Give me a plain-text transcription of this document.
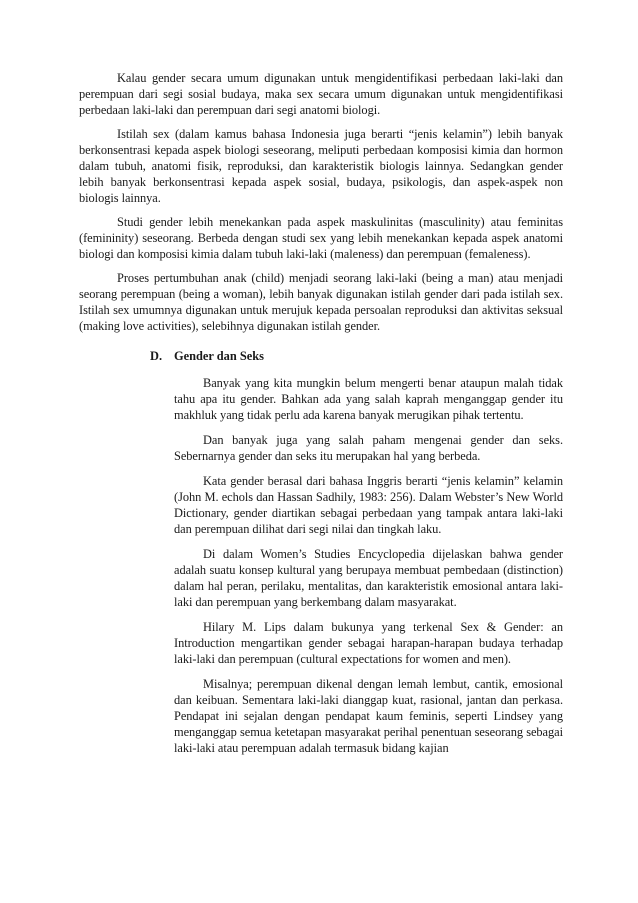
Kalau gender secara umum digunakan untuk mengidentifikasi perbedaan laki-laki dan perempuan dari segi sosial budaya, maka sex secara umum digunakan untuk mengidentifikasi perbedaan laki-laki dan perempuan dari segi anatomi biologi.

Istilah sex (dalam kamus bahasa Indonesia juga berarti “jenis kelamin”) lebih banyak berkonsentrasi kepada aspek biologi seseorang, meliputi perbedaan komposisi kimia dan hormon dalam tubuh, anatomi fisik, reproduksi, dan karakteristik biologis lainnya. Sedangkan gender lebih banyak berkonsentrasi kepada aspek sosial, budaya, psikologis, dan aspek-aspek non biologis lainnya.

Studi gender lebih menekankan pada aspek maskulinitas (masculinity) atau feminitas (femininity) seseorang. Berbeda dengan studi sex yang lebih menekankan kepada aspek anatomi biologi dan komposisi kimia dalam tubuh laki-laki (maleness) dan perempuan (femaleness).

Proses pertumbuhan anak (child) menjadi seorang laki-laki (being a man) atau menjadi seorang perempuan (being a woman), lebih banyak digunakan istilah gender dari pada istilah sex. Istilah sex umumnya digunakan untuk merujuk kepada persoalan reproduksi dan aktivitas seksual (making love activities), selebihnya digunakan istilah gender.

D. Gender dan Seks

Banyak yang kita mungkin belum mengerti benar ataupun malah tidak tahu apa itu gender. Bahkan ada yang salah kaprah menganggap gender itu makhluk yang tidak perlu ada karena banyak merugikan pihak tertentu.

Dan banyak juga yang salah paham mengenai gender dan seks. Sebernarnya gender dan seks itu merupakan hal yang berbeda.

Kata gender berasal dari bahasa Inggris berarti “jenis kelamin” kelamin (John M. echols dan Hassan Sadhily, 1983: 256). Dalam Webster’s New World Dictionary, gender diartikan sebagai perbedaan yang tampak antara laki-laki dan perempuan dilihat dari segi nilai dan tingkah laku.

Di dalam Women’s Studies Encyclopedia dijelaskan bahwa gender adalah suatu konsep kultural yang berupaya membuat pembedaan (distinction) dalam hal peran, perilaku, mentalitas, dan karakteristik emosional antara laki-laki dan perempuan yang berkembang dalam masyarakat.

Hilary M. Lips dalam bukunya yang terkenal Sex & Gender: an Introduction mengartikan gender sebagai harapan-harapan budaya terhadap laki-laki dan perempuan (cultural expectations for women and men).

Misalnya; perempuan dikenal dengan lemah lembut, cantik, emosional dan keibuan. Sementara laki-laki dianggap kuat, rasional, jantan dan perkasa. Pendapat ini sejalan dengan pendapat kaum feminis, seperti Lindsey yang menganggap semua ketetapan masyarakat perihal penentuan seseorang sebagai laki-laki atau perempuan adalah termasuk bidang kajian
